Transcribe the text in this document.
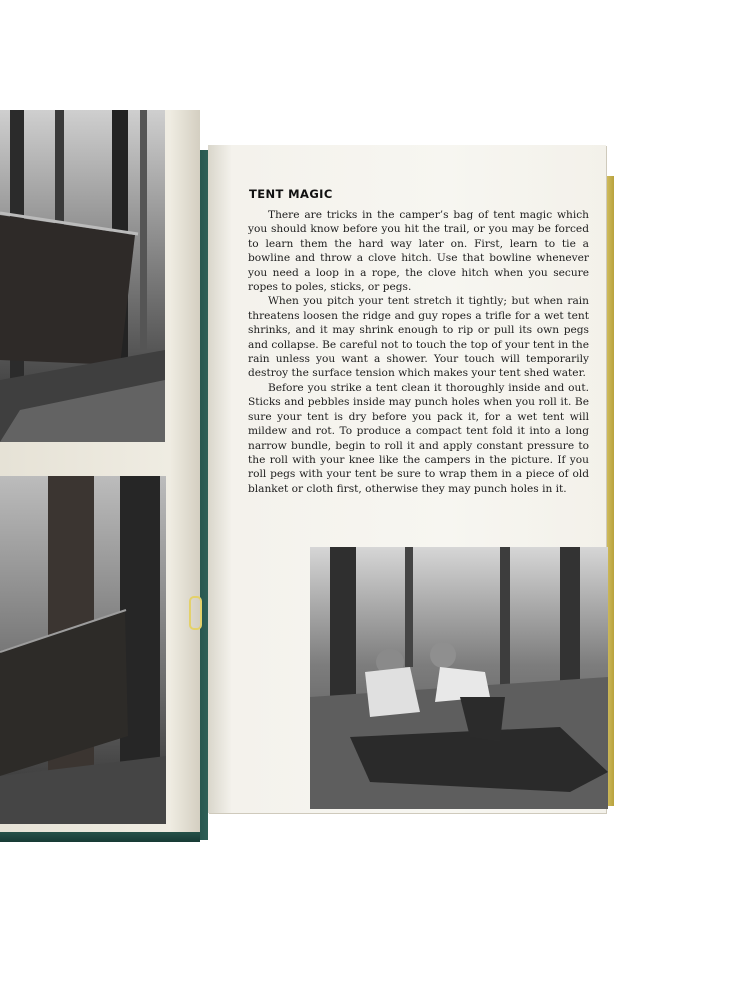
TENT MAGIC

There are tricks in the camper’s bag of tent magic which you should know before you hit the trail, or you may be forced to learn them the hard way later on. First, learn to tie a bowline and throw a clove hitch. Use that bowline whenever you need a loop in a rope, the clove hitch when you secure ropes to poles, sticks, or pegs.

When you pitch your tent stretch it tightly; but when rain threatens loosen the ridge and guy ropes a trifle for a wet tent shrinks, and it may shrink enough to rip or pull its own pegs and collapse. Be careful not to touch the top of your tent in the rain unless you want a shower. Your touch will temporarily destroy the surface tension which makes your tent shed water.

Before you strike a tent clean it thoroughly inside and out. Sticks and pebbles inside may punch holes when you roll it. Be sure your tent is dry before you pack it, for a wet tent will mildew and rot. To produce a compact tent fold it into a long narrow bundle, begin to roll it and apply constant pressure to the roll with your knee like the campers in the picture. If you roll pegs with your tent be sure to wrap them in a piece of old blanket or cloth first, otherwise they may punch holes in it.
